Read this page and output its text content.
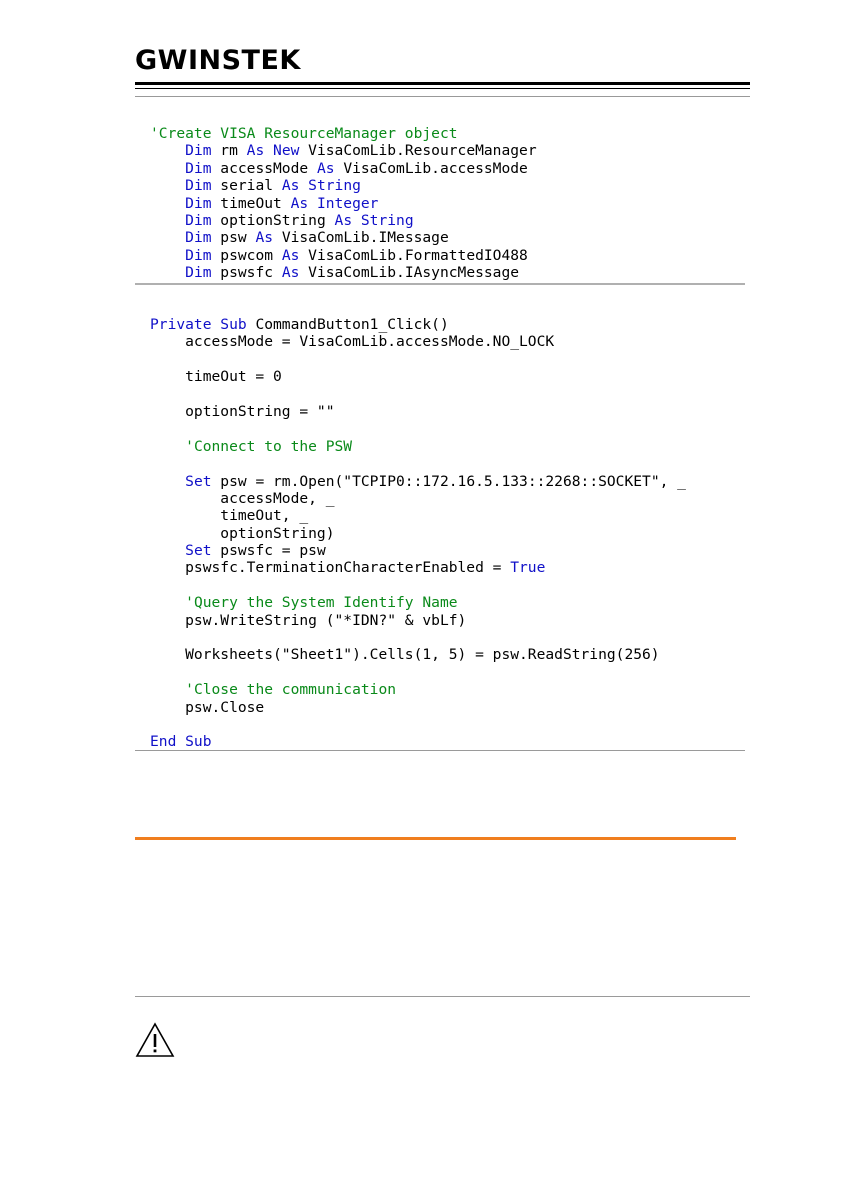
GWINSTEK
'Create VISA ResourceManager object
Dim rm As New VisaComLib.ResourceManager
Dim accessMode As VisaComLib.accessMode
Dim serial As String
Dim timeOut As Integer
Dim optionString As String
Dim psw As VisaComLib.IMessage
Dim pswcom As VisaComLib.FormattedIO488
Dim pswsfc As VisaComLib.IAsyncMessage
Private Sub CommandButton1_Click()
accessMode = VisaComLib.accessMode.NO_LOCK

timeOut = 0

optionString = ""

'Connect to the PSW

Set psw = rm.Open("TCPIP0::172.16.5.133::2268::SOCKET", _
accessMode, _
timeOut, _
optionString)
Set pswsfc = psw
pswsfc.TerminationCharacterEnabled = True

'Query the System Identify Name
psw.WriteString ("*IDN?" & vbLf)

Worksheets("Sheet1").Cells(1, 5) = psw.ReadString(256)

'Close the communication
psw.Close

End Sub
